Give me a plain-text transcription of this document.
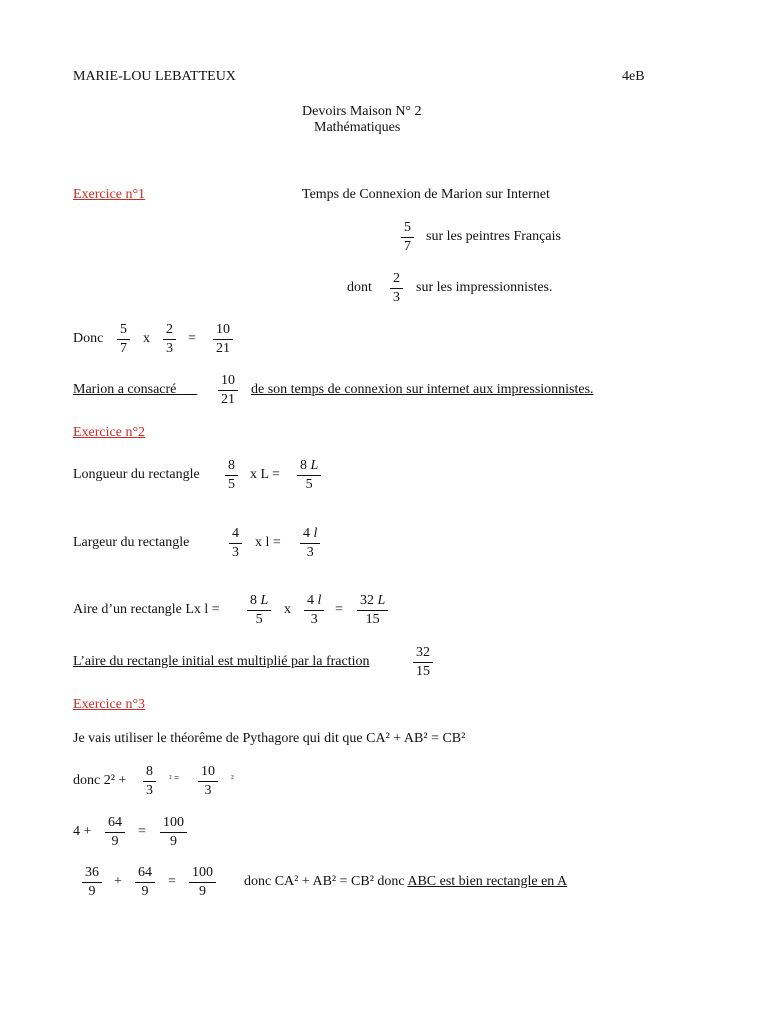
MARIE-LOU LEBATTEUX	4eB
Devoirs Maison N° 2
Mathématiques
Exercice n°1	Temps de Connexion de Marion sur Internet
$\frac{5}{7}$ sur les peintres Français
dont $\frac{2}{3}$ sur les impressionnistes.
Donc $\frac{5}{7}$ x $\frac{2}{3} = \frac{10}{21}$
Marion a consacré	$\frac{10}{21}$ de son temps de connexion sur internet aux impressionnistes.
Exercice n°2
Longueur du rectangle $\frac{8}{5}$ x $L = \frac{8 L}{5}$
Largeur du rectangle	$\frac{4}{3}$ x $l = \frac{4 l}{3}$
Aire d’un rectangle Lx $l = \frac{8 L}{5}$ x $\frac{4 l}{3} = \frac{32 L}{15}$
L’aire du rectangle initial est multiplié par la fraction	$\frac{32}{15}$
Exercice n°3
Je vais utiliser le théorême de Pythagore qui dit que CA² + AB² = CB²
donc $2^2 + \frac{8}{3} ^2 = \frac{10}{3} ^2$
$4 + \frac{64}{9} = \frac{100}{9}$
$\frac{36}{9} + \frac{64}{9} = \frac{100}{9}$ donc CA² + AB² = CB² donc ABC est bien rectangle en A
